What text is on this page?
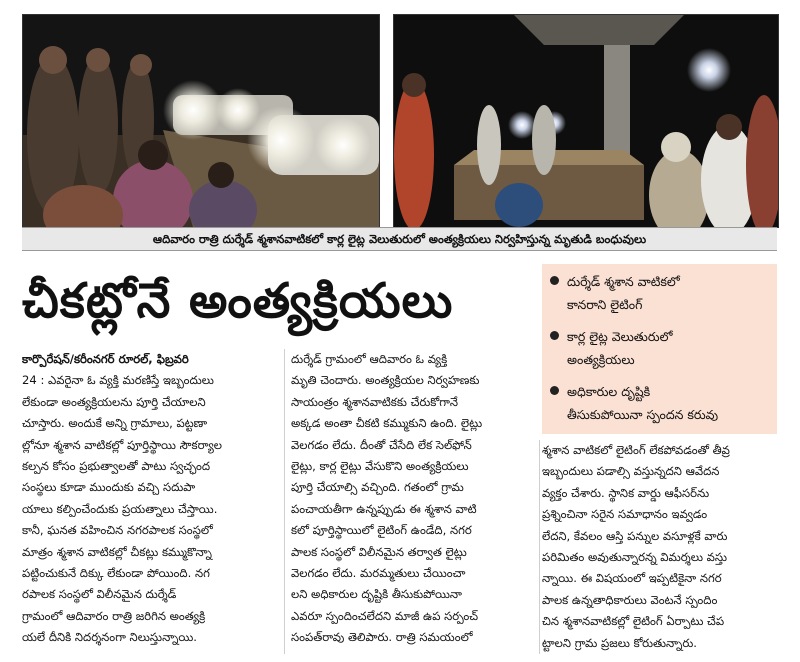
ఆదివారం రాత్రి దుర్శేడ్ శ్మశానవాటికలో కార్ల లైట్ల వెలుతురులో అంత్యక్రియలు నిర్వహిస్తున్న మృతుడి బంధువులు
చీకట్లోనే అంత్యక్రియలు	దుర్శేడ్ శ్మశాన వాటికలో
కానరాని లైటింగ్
కార్ల లైట్ల వెలుతురులో
అంత్యక్రియలు
అధికారుల దృష్టికి
తీసుకుపోయినా స్పందన కరువు

కార్పొరేషన్/కరీంనగర్ రూరల్, ఫిబ్రవరి

24 : ఎవరైనా ఓ వ్యక్తి మరణిస్తే ఇబ్బందులు

లేకుండా అంత్యక్రియలను పూర్తి చేయాలని

చూస్తారు. అందుకే అన్ని గ్రామాలు, పట్టణా

ల్లోనూ శ్మశాన వాటికల్లో పూర్తిస్థాయి సౌకర్యాల

కల్పన కోసం ప్రభుత్వాలతో పాటు స్వచ్ఛంద

సంస్థలు కూడా ముందుకు వచ్చి సదుపా

యాలు కల్పించేందుకు ప్రయత్నాలు చేస్తాయి.

కానీ, ఘనత వహించిన నగరపాలక సంస్థలో

మాత్రం శ్మశాన వాటికల్లో చీకట్లు కమ్ముకొన్నా

పట్టించుకునే దిక్కు లేకుండా పోయింది. నగ

రపాలక సంస్థలో విలీనమైన దుర్శేడ్

గ్రామంలో ఆదివారం రాత్రి జరిగిన అంత్యక్రి

యలే దీనికి నిదర్శనంగా నిలుస్తున్నాయి.

దుర్శేడ్ గ్రామంలో ఆదివారం ఓ వ్యక్తి

మృతి చెందారు. అంత్యక్రియల నిర్వహణకు

సాయంత్రం శ్మశానవాటికకు చేరుకోగానే

అక్కడ అంతా చీకటి కమ్ముకుని ఉంది. లైట్లు

వెలగడం లేదు. దీంతో చేసేది లేక సెల్‌ఫోన్

లైట్లు, కార్ల లైట్లు వేసుకొని అంత్యక్రియలు

పూర్తి చేయాల్సి వచ్చింది. గతంలో గ్రామ

పంచాయతీగా ఉన్నప్పుడు ఈ శ్మశాన వాటి

కలో పూర్తిస్థాయిలో లైటింగ్ ఉండేది, నగర

పాలక సంస్థలో విలీనమైన తర్వాత లైట్లు

వెలగడం లేదు. మరమ్మతులు చేయించా

లని అధికారుల దృష్టికి తీసుకుపోయినా

ఎవరూ స్పందించలేదని మాజీ ఉప సర్పంచ్

సంపత్‌రావు తెలిపారు. రాత్రి సమయంలో

శ్మశాన వాటికలో లైటింగ్ లేకపోవడంతో తీవ్ర

ఇబ్బందులు పడాల్సి వస్తున్నదని ఆవేదన

వ్యక్తం చేశారు. స్థానిక వార్డు ఆఫీసర్‌ను

ప్రశ్నించినా సరైన సమాధానం ఇవ్వడం

లేదని, కేవలం ఆస్తి పన్నుల వసూళ్లకే వారు

పరిమితం అవుతున్నారన్న విమర్శలు వస్తు

న్నాయి. ఈ విషయంలో ఇప్పటికైనా నగర

పాలక ఉన్నతాధికారులు వెంటనే స్పందిం

చిన శ్మశానవాటికల్లో లైటింగ్ ఏర్పాటు చేప

ట్టాలని గ్రామ ప్రజలు కోరుతున్నారు.
